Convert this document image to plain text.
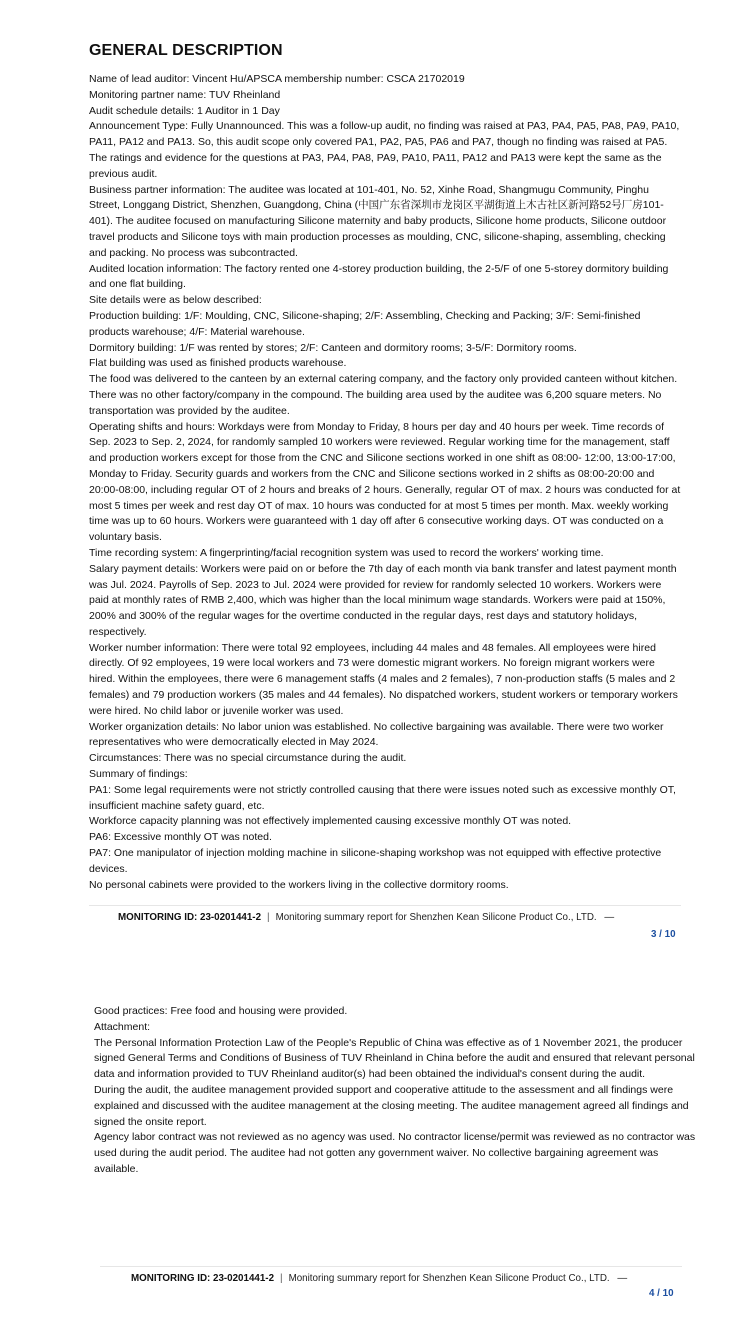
GENERAL DESCRIPTION

Name of lead auditor: Vincent Hu/APSCA membership number: CSCA 21702019

Monitoring partner name: TUV Rheinland

Audit schedule details: 1 Auditor in 1 Day

Announcement Type: Fully Unannounced. This was a follow-up audit, no finding was raised at PA3, PA4, PA5, PA8, PA9, PA10, PA11, PA12 and PA13. So, this audit scope only covered PA1, PA2, PA5, PA6 and PA7, though no finding was raised at PA5. The ratings and evidence for the questions at PA3, PA4, PA8, PA9, PA10, PA11, PA12 and PA13 were kept the same as the previous audit.

Business partner information: The auditee was located at 101-401, No. 52, Xinhe Road, Shangmugu Community, Pinghu Street, Longgang District, Shenzhen, Guangdong, China (中国广东省深圳市龙岗区平湖街道上木古社区新河路52号厂房101-401). The auditee focused on manufacturing Silicone maternity and baby products, Silicone home products, Silicone outdoor travel products and Silicone toys with main production processes as moulding, CNC, silicone-shaping, assembling, checking and packing. No process was subcontracted.

Audited location information: The factory rented one 4-storey production building, the 2-5/F of one 5-storey dormitory building and one flat building.

Site details were as below described:

Production building: 1/F: Moulding, CNC, Silicone-shaping; 2/F: Assembling, Checking and Packing; 3/F: Semi-finished products warehouse; 4/F: Material warehouse.

Dormitory building: 1/F was rented by stores; 2/F: Canteen and dormitory rooms; 3-5/F: Dormitory rooms.

Flat building was used as finished products warehouse.

The food was delivered to the canteen by an external catering company, and the factory only provided canteen without kitchen. There was no other factory/company in the compound. The building area used by the auditee was 6,200 square meters. No transportation was provided by the auditee.

Operating shifts and hours: Workdays were from Monday to Friday, 8 hours per day and 40 hours per week. Time records of Sep. 2023 to Sep. 2, 2024, for randomly sampled 10 workers were reviewed. Regular working time for the management, staff and production workers except for those from the CNC and Silicone sections worked in one shift as 08:00- 12:00, 13:00-17:00, Monday to Friday. Security guards and workers from the CNC and Silicone sections worked in 2 shifts as 08:00-20:00 and 20:00-08:00, including regular OT of 2 hours and breaks of 2 hours. Generally, regular OT of max. 2 hours was conducted for at most 5 times per week and rest day OT of max. 10 hours was conducted for at most 5 times per month. Max. weekly working time was up to 60 hours. Workers were guaranteed with 1 day off after 6 consecutive working days. OT was conducted on a voluntary basis.

Time recording system: A fingerprinting/facial recognition system was used to record the workers' working time.

Salary payment details: Workers were paid on or before the 7th day of each month via bank transfer and latest payment month was Jul. 2024. Payrolls of Sep. 2023 to Jul. 2024 were provided for review for randomly selected 10 workers. Workers were paid at monthly rates of RMB 2,400, which was higher than the local minimum wage standards. Workers were paid at 150%, 200% and 300% of the regular wages for the overtime conducted in the regular days, rest days and statutory holidays, respectively.

Worker number information: There were total 92 employees, including 44 males and 48 females. All employees were hired directly. Of 92 employees, 19 were local workers and 73 were domestic migrant workers. No foreign migrant workers were hired. Within the employees, there were 6 management staffs (4 males and 2 females), 7 non-production staffs (5 males and 2 females) and 79 production workers (35 males and 44 females). No dispatched workers, student workers or temporary workers were hired. No child labor or juvenile worker was used.

Worker organization details: No labor union was established. No collective bargaining was available. There were two worker representatives who were democratically elected in May 2024.

Circumstances: There was no special circumstance during the audit.

Summary of findings:

PA1: Some legal requirements were not strictly controlled causing that there were issues noted such as excessive monthly OT, insufficient machine safety guard, etc.

Workforce capacity planning was not effectively implemented causing excessive monthly OT was noted.

PA6: Excessive monthly OT was noted.

PA7: One manipulator of injection molding machine in silicone-shaping workshop was not equipped with effective protective devices.

No personal cabinets were provided to the workers living in the collective dormitory rooms.

MONITORING ID: 23-0201441-2 | Monitoring summary report for Shenzhen Kean Silicone Product Co., LTD. —
3 / 10

Good practices: Free food and housing were provided.

Attachment:

The Personal Information Protection Law of the People's Republic of China was effective as of 1 November 2021, the producer signed General Terms and Conditions of Business of TUV Rheinland in China before the audit and ensured that relevant personal data and information provided to TUV Rheinland auditor(s) had been obtained the individual's consent during the audit.

During the audit, the auditee management provided support and cooperative attitude to the assessment and all findings were explained and discussed with the auditee management at the closing meeting. The auditee management agreed all findings and signed the onsite report.

Agency labor contract was not reviewed as no agency was used. No contractor license/permit was reviewed as no contractor was used during the audit period. The auditee had not gotten any government waiver. No collective bargaining agreement was available.

MONITORING ID: 23-0201441-2 | Monitoring summary report for Shenzhen Kean Silicone Product Co., LTD. —
4 / 10
